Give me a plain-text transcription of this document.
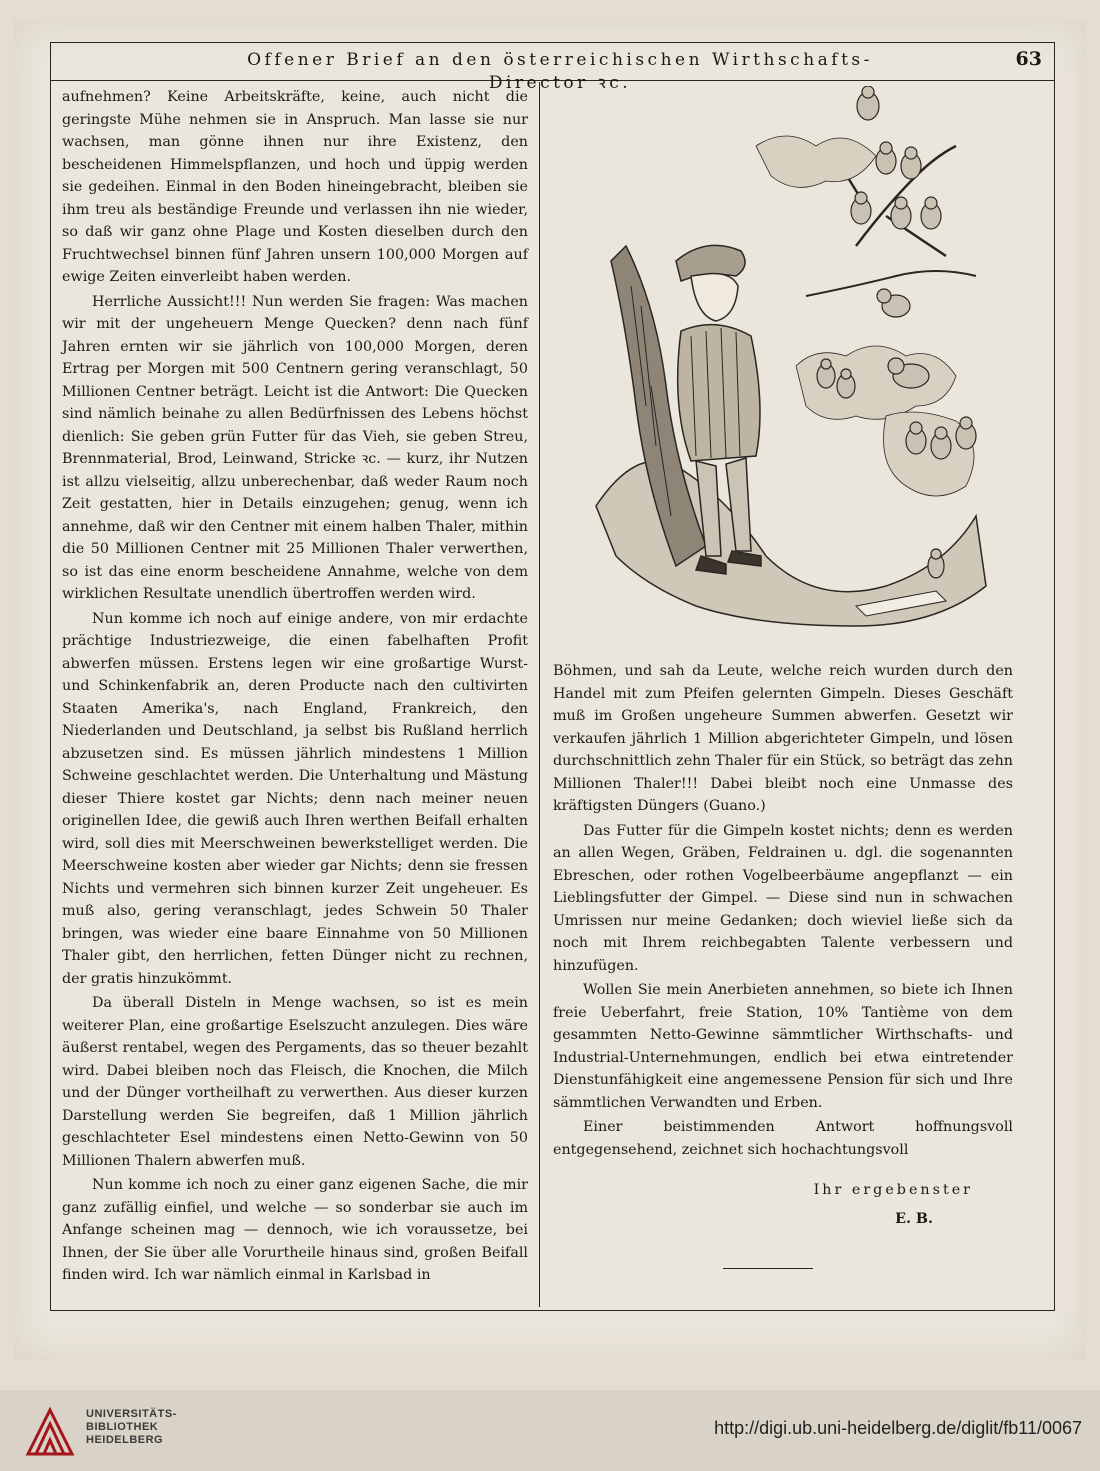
Offener Brief an den österreichischen Wirthschafts-Director ꝛc.
63

aufnehmen? Keine Arbeitskräfte, keine, auch nicht die geringste Mühe nehmen sie in Anspruch. Man lasse sie nur wachsen, man gönne ihnen nur ihre Existenz, den bescheidenen Himmelspflanzen, und hoch und üppig werden sie gedeihen. Einmal in den Boden hineingebracht, bleiben sie ihm treu als beständige Freunde und verlassen ihn nie wieder, so daß wir ganz ohne Plage und Kosten dieselben durch den Fruchtwechsel binnen fünf Jahren unsern 100,000 Morgen auf ewige Zeiten einverleibt haben werden.

Herrliche Aussicht!!! Nun werden Sie fragen: Was machen wir mit der ungeheuern Menge Quecken? denn nach fünf Jahren ernten wir sie jährlich von 100,000 Morgen, deren Ertrag per Morgen mit 500 Centnern gering veranschlagt, 50 Millionen Centner beträgt. Leicht ist die Antwort: Die Quecken sind nämlich beinahe zu allen Bedürfnissen des Lebens höchst dienlich: Sie geben grün Futter für das Vieh, sie geben Streu, Brennmaterial, Brod, Leinwand, Stricke ꝛc. — kurz, ihr Nutzen ist allzu vielseitig, allzu unberechenbar, daß weder Raum noch Zeit gestatten, hier in Details einzugehen; genug, wenn ich annehme, daß wir den Centner mit einem halben Thaler, mithin die 50 Millionen Centner mit 25 Millionen Thaler verwerthen, so ist das eine enorm bescheidene Annahme, welche von dem wirklichen Resultate unendlich übertroffen werden wird.

Nun komme ich noch auf einige andere, von mir erdachte prächtige Industriezweige, die einen fabelhaften Profit abwerfen müssen. Erstens legen wir eine großartige Wurst- und Schinkenfabrik an, deren Producte nach den cultivirten Staaten Amerika's, nach England, Frankreich, den Niederlanden und Deutschland, ja selbst bis Rußland herrlich abzusetzen sind. Es müssen jährlich mindestens 1 Million Schweine geschlachtet werden. Die Unterhaltung und Mästung dieser Thiere kostet gar Nichts; denn nach meiner neuen originellen Idee, die gewiß auch Ihren werthen Beifall erhalten wird, soll dies mit Meerschweinen bewerkstelliget werden. Die Meerschweine kosten aber wieder gar Nichts; denn sie fressen Nichts und vermehren sich binnen kurzer Zeit ungeheuer. Es muß also, gering veranschlagt, jedes Schwein 50 Thaler bringen, was wieder eine baare Einnahme von 50 Millionen Thaler gibt, den herrlichen, fetten Dünger nicht zu rechnen, der gratis hinzukömmt.

Da überall Disteln in Menge wachsen, so ist es mein weiterer Plan, eine großartige Eselszucht anzulegen. Dies wäre äußerst rentabel, wegen des Pergaments, das so theuer bezahlt wird. Dabei bleiben noch das Fleisch, die Knochen, die Milch und der Dünger vortheilhaft zu verwerthen. Aus dieser kurzen Darstellung werden Sie begreifen, daß 1 Million jährlich geschlachteter Esel mindestens einen Netto-Gewinn von 50 Millionen Thalern abwerfen muß.

Nun komme ich noch zu einer ganz eigenen Sache, die mir ganz zufällig einfiel, und welche — so sonderbar sie auch im Anfange scheinen mag — dennoch, wie ich voraussetze, bei Ihnen, der Sie über alle Vorurtheile hinaus sind, großen Beifall finden wird. Ich war nämlich einmal in Karlsbad in

Böhmen, und sah da Leute, welche reich wurden durch den Handel mit zum Pfeifen gelernten Gimpeln. Dieses Geschäft muß im Großen ungeheure Summen abwerfen. Gesetzt wir verkaufen jährlich 1 Million abgerichteter Gimpeln, und lösen durchschnittlich zehn Thaler für ein Stück, so beträgt das zehn Millionen Thaler!!! Dabei bleibt noch eine Unmasse des kräftigsten Düngers (Guano.)

Das Futter für die Gimpeln kostet nichts; denn es werden an allen Wegen, Gräben, Feldrainen u. dgl. die sogenannten Ebreschen, oder rothen Vogelbeerbäume angepflanzt — ein Lieblingsfutter der Gimpel. — Diese sind nun in schwachen Umrissen nur meine Gedanken; doch wieviel ließe sich da noch mit Ihrem reichbegabten Talente verbessern und hinzufügen.

Wollen Sie mein Anerbieten annehmen, so biete ich Ihnen freie Ueberfahrt, freie Station, 10% Tantième von dem gesammten Netto-Gewinne sämmtlicher Wirthschafts- und Industrial-Unternehmungen, endlich bei etwa eintretender Dienstunfähigkeit eine angemessene Pension für sich und Ihre sämmtlichen Verwandten und Erben.

Einer beistimmenden Antwort hoffnungsvoll entgegensehend, zeichnet sich hochachtungsvoll

Ihr ergebenster
E. B.
UNIVERSITÄTS-
BIBLIOTHEK
HEIDELBERG
http://digi.ub.uni-heidelberg.de/diglit/fb11/0067
